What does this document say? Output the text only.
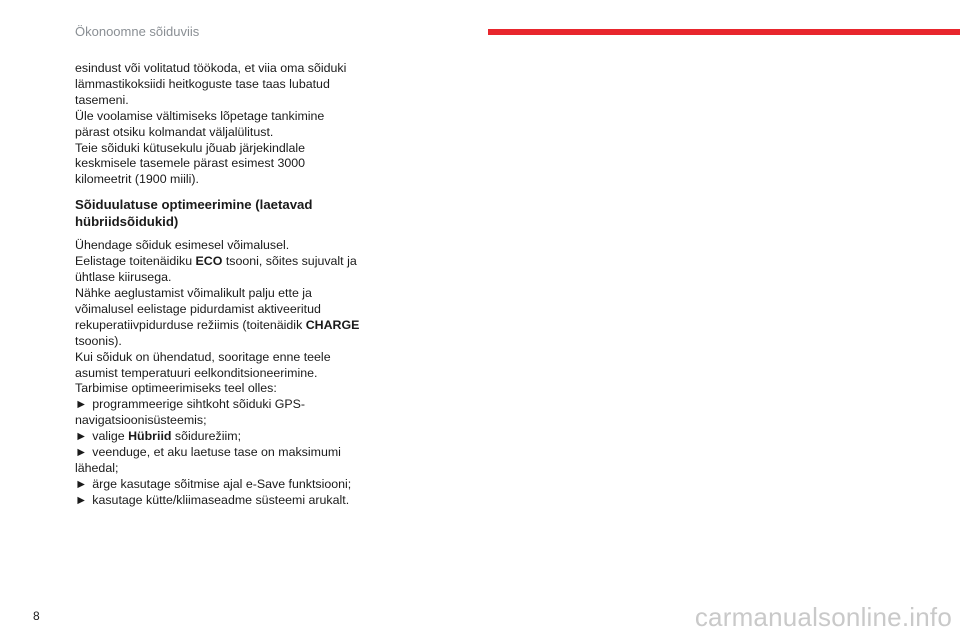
Ökonoomne sõiduviis

esindust või volitatud töökoda, et viia oma sõiduki lämmastikoksiidi heitkoguste tase taas lubatud tasemeni.

Üle voolamise vältimiseks lõpetage tankimine pärast otsiku kolmandat väljalülitust.

Teie sõiduki kütusekulu jõuab järjekindlale keskmisele tasemele pärast esimest 3000 kilomeetrit (1900 miili).

Sõiduulatuse optimeerimine (laetavad hübriidsõidukid)

Ühendage sõiduk esimesel võimalusel.

Eelistage toitenäidiku ECO tsooni, sõites sujuvalt ja ühtlase kiirusega.

Nähke aeglustamist võimalikult palju ette ja võimalusel eelistage pidurdamist aktiveeritud rekuperatiivpidurduse režiimis (toitenäidik CHARGE tsoonis).

Kui sõiduk on ühendatud, sooritage enne teele asumist temperatuuri eelkonditsioneerimine.

Tarbimise optimeerimiseks teel olles:

► programmeerige sihtkoht sõiduki GPS-navigatsioonisüsteemis;

► valige Hübriid sõidurežiim;

► veenduge, et aku laetuse tase on maksimumi lähedal;

► ärge kasutage sõitmise ajal e-Save funktsiooni;

► kasutage kütte/kliimaseadme süsteemi arukalt.

8	carmanualsonline.info
